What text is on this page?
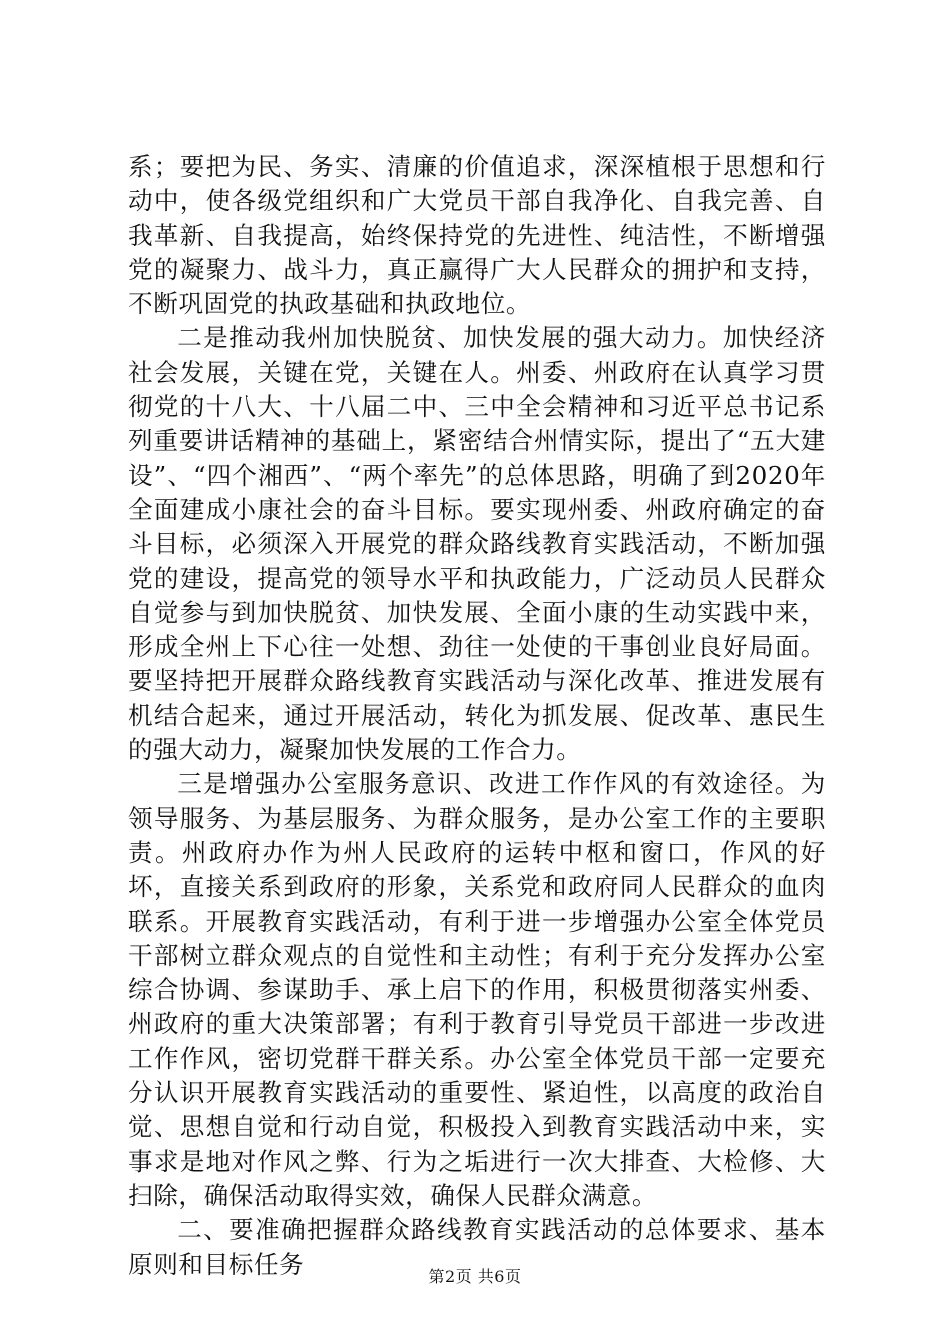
系；要把为民、务实、清廉的价值追求，深深植根于思想和行动中，使各级党组织和广大党员干部自我净化、自我完善、自我革新、自我提高，始终保持党的先进性、纯洁性，不断增强党的凝聚力、战斗力，真正赢得广大人民群众的拥护和支持，不断巩固党的执政基础和执政地位。

二是推动我州加快脱贫、加快发展的强大动力。加快经济社会发展，关键在党，关键在人。州委、州政府在认真学习贯彻党的十八大、十八届二中、三中全会精神和习近平总书记系列重要讲话精神的基础上，紧密结合州情实际，提出了“五大建设”、“四个湘西”、“两个率先”的总体思路，明确了到2020年全面建成小康社会的奋斗目标。要实现州委、州政府确定的奋斗目标，必须深入开展党的群众路线教育实践活动，不断加强党的建设，提高党的领导水平和执政能力，广泛动员人民群众自觉参与到加快脱贫、加快发展、全面小康的生动实践中来，形成全州上下心往一处想、劲往一处使的干事创业良好局面。要坚持把开展群众路线教育实践活动与深化改革、推进发展有机结合起来，通过开展活动，转化为抓发展、促改革、惠民生的强大动力，凝聚加快发展的工作合力。

三是增强办公室服务意识、改进工作作风的有效途径。为领导服务、为基层服务、为群众服务，是办公室工作的主要职责。州政府办作为州人民政府的运转中枢和窗口，作风的好坏，直接关系到政府的形象，关系党和政府同人民群众的血肉联系。开展教育实践活动，有利于进一步增强办公室全体党员干部树立群众观点的自觉性和主动性；有利于充分发挥办公室综合协调、参谋助手、承上启下的作用，积极贯彻落实州委、州政府的重大决策部署；有利于教育引导党员干部进一步改进工作作风，密切党群干群关系。办公室全体党员干部一定要充分认识开展教育实践活动的重要性、紧迫性，以高度的政治自觉、思想自觉和行动自觉，积极投入到教育实践活动中来，实事求是地对作风之弊、行为之垢进行一次大排查、大检修、大扫除，确保活动取得实效，确保人民群众满意。

二、要准确把握群众路线教育实践活动的总体要求、基本原则和目标任务	第2页 共6页
